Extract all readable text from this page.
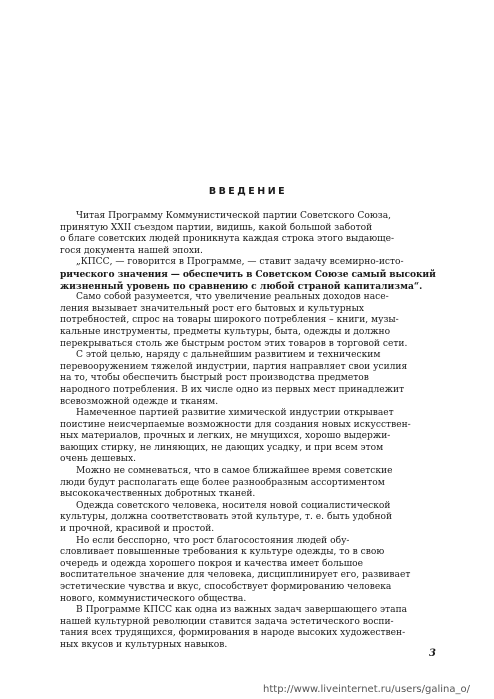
ВВЕДЕНИЕ

Читая Программу Коммунистической партии Советского Союза,
принятую XXII съездом партии, видишь, какой большой заботой
о благе советских людей проникнута каждая строка этого выдающе-
гося документа нашей эпохи.

„КПСС, — говорится в Программе, — ставит задачу всемирно-исто-
рического значения — обеспечить в Советском Союзе самый высокий
жизненный уровень по сравнению с любой страной капитализма“.

Само собой разумеется, что увеличение реальных доходов насе-
ления вызывает значительный рост его бытовых и культурных
потребностей, спрос на товары широкого потребления – книги, музы-
кальные инструменты, предметы культуры, быта, одежды и должно
перекрываться столь же быстрым ростом этих товаров в торговой сети.

С этой целью, наряду с дальнейшим развитием и техническим
перевооружением тяжелой индустрии, партия направляет свои усилия
на то, чтобы обеспечить быстрый рост производства предметов
народного потребления. В их числе одно из первых мест принадлежит
всевозможной одежде и тканям.

Намеченное партией развитие химической индустрии открывает
поистине неисчерпаемые возможности для создания новых искусствен-
ных материалов, прочных и легких, не мнущихся, хорошо выдержи-
вающих стирку, не линяющих, не дающих усадку, и при всем этом
очень дешевых.

Можно не сомневаться, что в самое ближайшее время советские
люди будут располагать еще более разнообразным ассортиментом
высококачественных добротных тканей.

Одежда советского человека, носителя новой социалистической
культуры, должна соответствовать этой культуре, т. е. быть удобной
и прочной, красивой и простой.

Но если бесспорно, что рост благосостояния людей обу-
словливает повышенные требования к культуре одежды, то в свою
очередь и одежда хорошего покроя и качества имеет большое
воспитательное значение для человека, дисциплинирует его, развивает
эстетические чувства и вкус, способствует формированию человека
нового, коммунистического общества.

В Программе КПСС как одна из важных задач завершающего этапа
нашей культурной революции ставится задача эстетического воспи-
тания всех трудящихся, формирования в народе высоких художествен-
ных вкусов и культурных навыков.

3
http://www.liveinternet.ru/users/galina_o/
